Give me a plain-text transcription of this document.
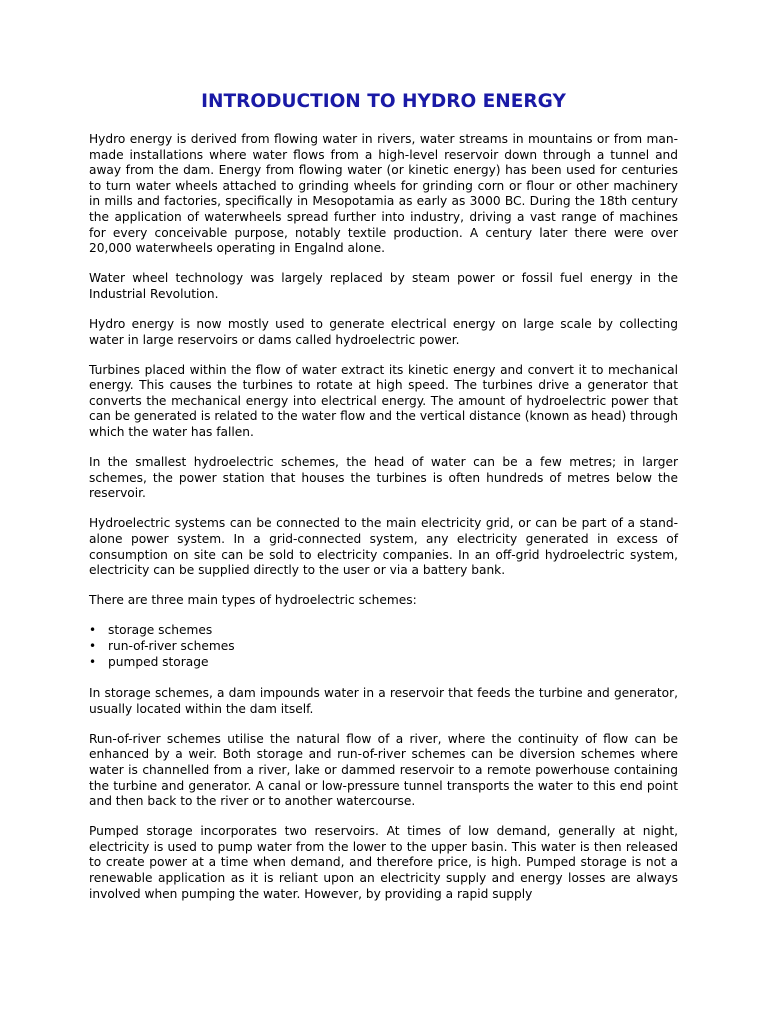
INTRODUCTION TO HYDRO ENERGY

Hydro energy is derived from flowing water in rivers, water streams in mountains or from man-made installations where water flows from a high-level reservoir down through a tunnel and away from the dam. Energy from flowing water (or kinetic energy) has been used for centuries to turn water wheels attached to grinding wheels for grinding corn or flour or other machinery in mills and factories, specifically in Mesopotamia as early as 3000 BC. During the 18th century the application of waterwheels spread further into industry, driving a vast range of machines for every conceivable purpose, notably textile production. A century later there were over 20,000 waterwheels operating in Engalnd alone.

Water wheel technology was largely replaced by steam power or fossil fuel energy in the Industrial Revolution.

Hydro energy is now mostly used to generate electrical energy on large scale by collecting water in large reservoirs or dams called hydroelectric power.

Turbines placed within the flow of water extract its kinetic energy and convert it to mechanical energy. This causes the turbines to rotate at high speed. The turbines drive a generator that converts the mechanical energy into electrical energy. The amount of hydroelectric power that can be generated is related to the water flow and the vertical distance (known as head) through which the water has fallen.

In the smallest hydroelectric schemes, the head of water can be a few metres; in larger schemes, the power station that houses the turbines is often hundreds of metres below the reservoir.

Hydroelectric systems can be connected to the main electricity grid, or can be part of a stand-alone power system. In a grid-connected system, any electricity generated in excess of consumption on site can be sold to electricity companies. In an off-grid hydroelectric system, electricity can be supplied directly to the user or via a battery bank.

There are three main types of hydroelectric schemes:

• storage schemes
• run-of-river schemes
• pumped storage

In storage schemes, a dam impounds water in a reservoir that feeds the turbine and generator, usually located within the dam itself.

Run-of-river schemes utilise the natural flow of a river, where the continuity of flow can be enhanced by a weir. Both storage and run-of-river schemes can be diversion schemes where water is channelled from a river, lake or dammed reservoir to a remote powerhouse containing the turbine and generator. A canal or low-pressure tunnel transports the water to this end point and then back to the river or to another watercourse.

Pumped storage incorporates two reservoirs. At times of low demand, generally at night, electricity is used to pump water from the lower to the upper basin. This water is then released to create power at a time when demand, and therefore price, is high. Pumped storage is not a renewable application as it is reliant upon an electricity supply and energy losses are always involved when pumping the water. However, by providing a rapid supply
